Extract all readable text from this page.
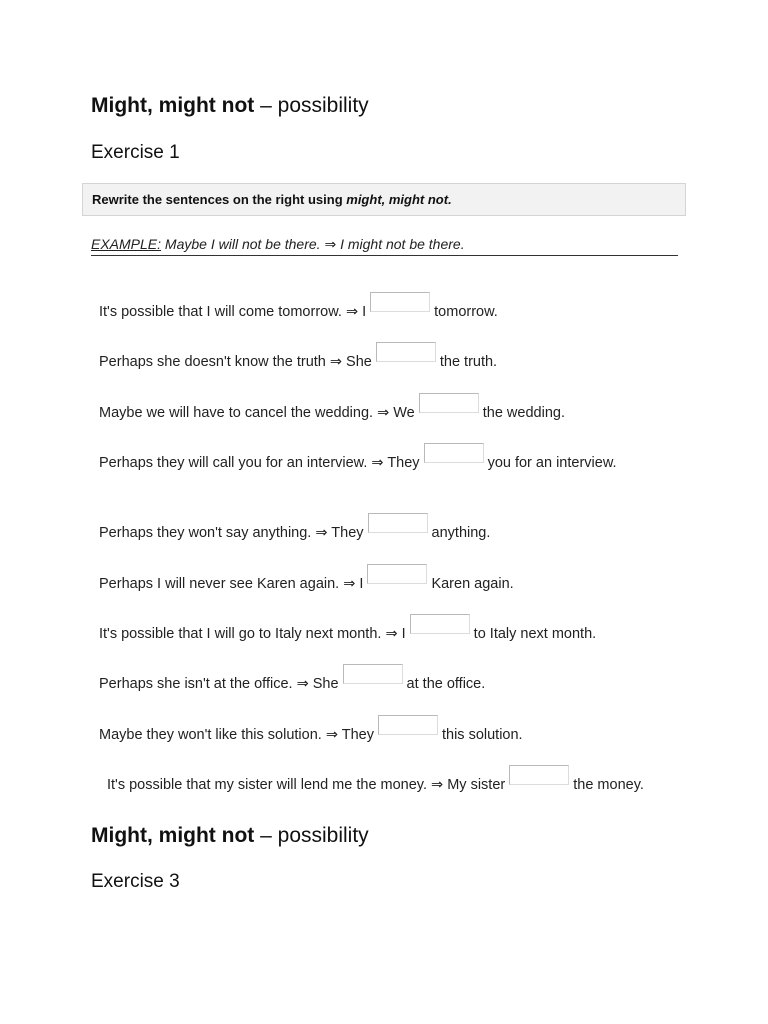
Might, might not – possibility
Exercise 1
Rewrite the sentences on the right using might, might not.
EXAMPLE: Maybe I will not be there. ⇒ I might not be there.
It's possible that I will come tomorrow. ⇒ I	tomorrow.
Perhaps she doesn't know the truth ⇒ She	the truth.
Maybe we will have to cancel the wedding. ⇒ We	the wedding.
Perhaps they will call you for an interview. ⇒ They	you for an interview.
Perhaps they won't say anything. ⇒ They	anything.
Perhaps I will never see Karen again. ⇒ I	Karen again.
It's possible that I will go to Italy next month. ⇒ I	to Italy next month.
Perhaps she isn't at the office. ⇒ She	at the office.
Maybe they won't like this solution. ⇒ They	this solution.
It's possible that my sister will lend me the money. ⇒ My sister	the money.
Might, might not – possibility
Exercise 3
